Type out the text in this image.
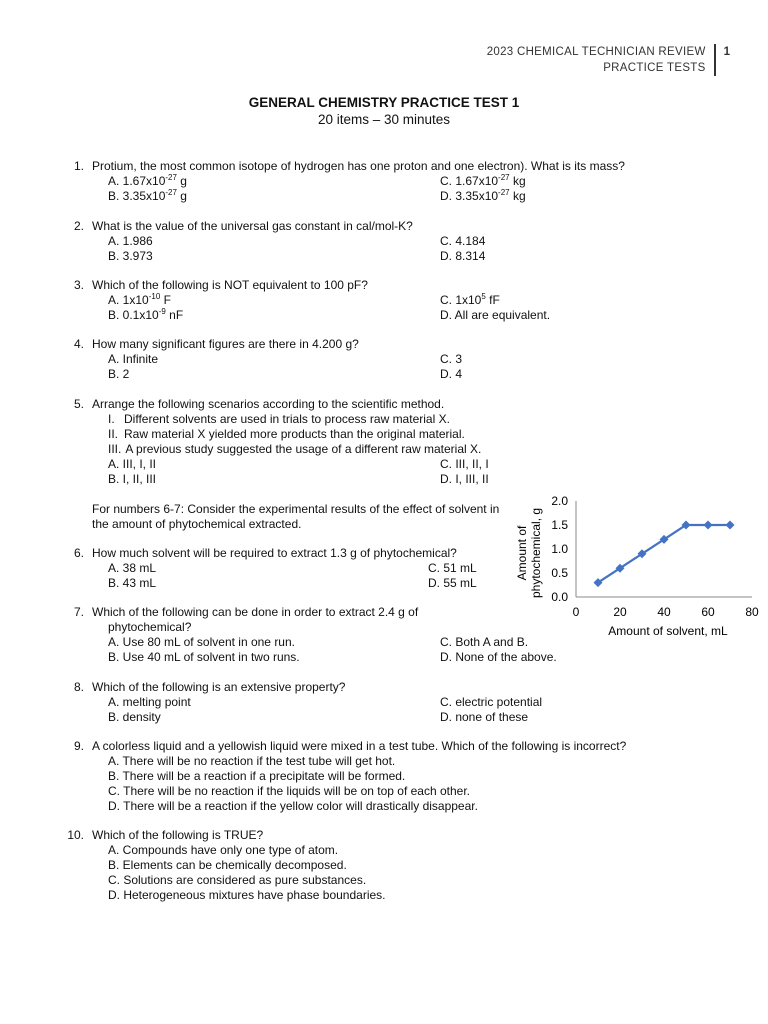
2023 CHEMICAL TECHNICIAN REVIEW
PRACTICE TESTS
1
GENERAL CHEMISTRY PRACTICE TEST 1
20 items – 30 minutes
1. Protium, the most common isotope of hydrogen has one proton and one electron). What is its mass?
A. $1.67x10^{-27}$ g	C. $1.67x10^{-27}$ kg
B. $3.35x10^{-27}$ g	D. $3.35x10^{-27}$ kg
2. What is the value of the universal gas constant in cal/mol-K?
A. 1.986	C. 4.184
B. 3.973	D. 8.314
3. Which of the following is NOT equivalent to 100 pF?
A. $1x10^{-10}$ F	C. $1x10^5$ fF
B. $0.1x10^{-9}$ nF	D. All are equivalent.
4. How many significant figures are there in 4.200 g?
A. Infinite	C. 3
B. 2	D. 4
5. Arrange the following scenarios according to the scientific method.
I. Different solvents are used in trials to process raw material X.
II. Raw material X yielded more products than the original material.
III. A previous study suggested the usage of a different raw material X.
A. III, I, II	C. III, II, I
B. I, II, III	D. I, III, II
For numbers 6-7: Consider the experimental results of the effect of solvent in the amount of phytochemical extracted.
6. How much solvent will be required to extract 1.3 g of phytochemical?
A. 38 mL	C. 51 mL
B. 43 mL	D. 55 mL
0.0
0.5
1.0
1.5
2.0
0	20	40	60	80
Amount of solvent, mL
Amount of phytochemical, g
7. Which of the following can be done in order to extract 2.4 g of
phytochemical?
A. Use 80 mL of solvent in one run.	C. Both A and B.
B. Use 40 mL of solvent in two runs.	D. None of the above.
8. Which of the following is an extensive property?
A. melting point	C. electric potential
B. density	D. none of these
9. A colorless liquid and a yellowish liquid were mixed in a test tube. Which of the following is incorrect?
A. There will be no reaction if the test tube will get hot.
B. There will be a reaction if a precipitate will be formed.
C. There will be no reaction if the liquids will be on top of each other.
D. There will be a reaction if the yellow color will drastically disappear.
10. Which of the following is TRUE?
A. Compounds have only one type of atom.
B. Elements can be chemically decomposed.
C. Solutions are considered as pure substances.
D. Heterogeneous mixtures have phase boundaries.
